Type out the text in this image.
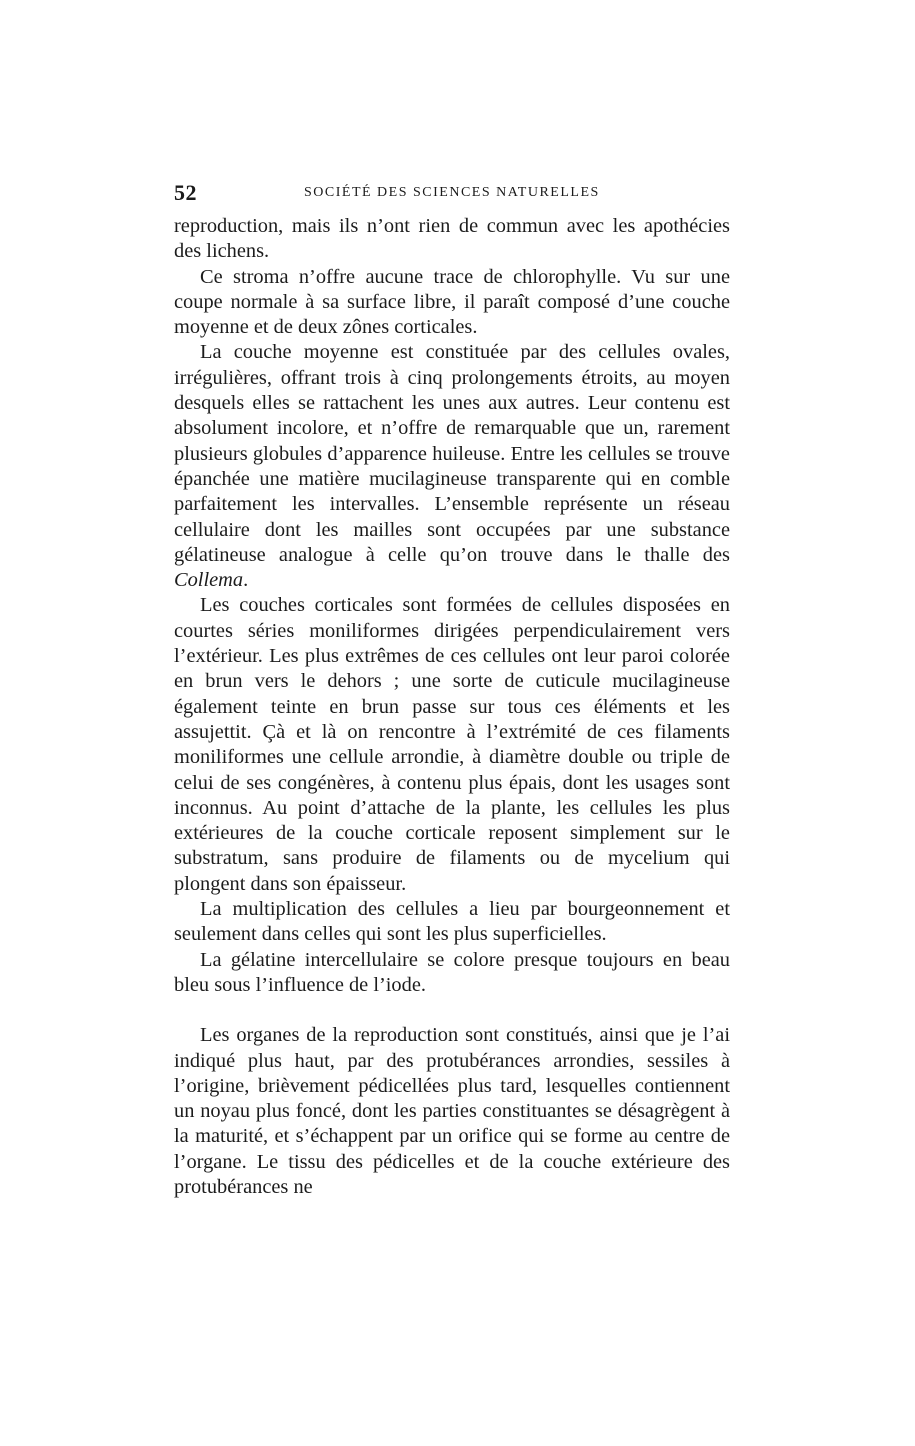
52	SOCIÉTÉ DES SCIENCES NATURELLES

reproduction, mais ils n’ont rien de commun avec les apothécies des lichens.

Ce stroma n’offre aucune trace de chlorophylle. Vu sur une coupe normale à sa surface libre, il paraît composé d’une couche moyenne et de deux zônes corticales.

La couche moyenne est constituée par des cellules ovales, irrégulières, offrant trois à cinq prolongements étroits, au moyen desquels elles se rattachent les unes aux autres. Leur contenu est absolument incolore, et n’offre de remarquable que un, rarement plusieurs globules d’apparence huileuse. Entre les cellules se trouve épanchée une matière mucilagineuse transparente qui en comble parfaitement les intervalles. L’ensemble représente un réseau cellulaire dont les mailles sont occupées par une substance gélatineuse analogue à celle qu’on trouve dans le thalle des Collema.

Les couches corticales sont formées de cellules disposées en courtes séries moniliformes dirigées perpendiculairement vers l’extérieur. Les plus extrêmes de ces cellules ont leur paroi colorée en brun vers le dehors ; une sorte de cuticule mucilagineuse également teinte en brun passe sur tous ces éléments et les assujettit. Çà et là on rencontre à l’extrémité de ces filaments moniliformes une cellule arrondie, à diamètre double ou triple de celui de ses congénères, à contenu plus épais, dont les usages sont inconnus. Au point d’attache de la plante, les cellules les plus extérieures de la couche corticale reposent simplement sur le substratum, sans produire de filaments ou de mycelium qui plongent dans son épaisseur.

La multiplication des cellules a lieu par bourgeonnement et seulement dans celles qui sont les plus superficielles.

La gélatine intercellulaire se colore presque toujours en beau bleu sous l’influence de l’iode.

Les organes de la reproduction sont constitués, ainsi que je l’ai indiqué plus haut, par des protubérances arrondies, sessiles à l’origine, brièvement pédicellées plus tard, lesquelles contiennent un noyau plus foncé, dont les parties constituantes se désagrègent à la maturité, et s’échappent par un orifice qui se forme au centre de l’organe. Le tissu des pédicelles et de la couche extérieure des protubérances ne
